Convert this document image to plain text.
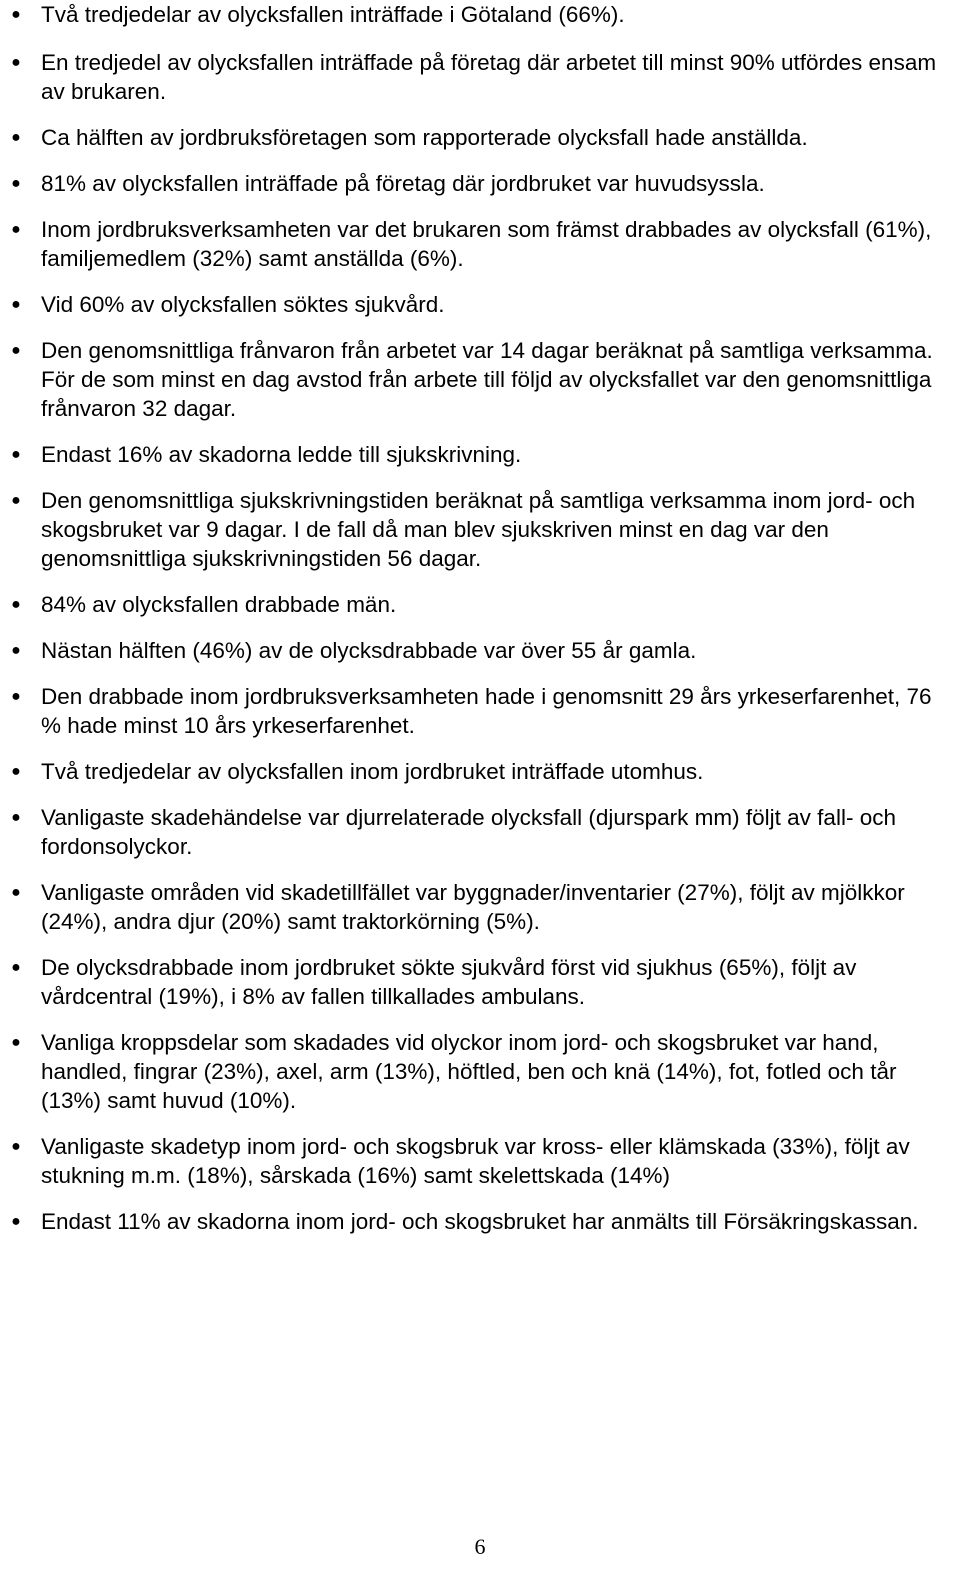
●
Två tredjedelar av olycksfallen inträffade i Götaland (66%).
●
En tredjedel av olycksfallen inträffade på företag där arbetet till minst 90% utfördes ensam av brukaren.
●
Ca hälften av jordbruksföretagen som rapporterade olycksfall hade anställda.
●
81% av olycksfallen inträffade på företag där jordbruket var huvudsyssla.
●
Inom jordbruksverksamheten var det brukaren som främst drabbades av olycksfall (61%), familjemedlem (32%) samt anställda (6%).
●
Vid 60% av olycksfallen söktes sjukvård.
●
Den genomsnittliga frånvaron från arbetet var 14 dagar beräknat på samtliga verksamma. För de som minst en dag avstod från arbete till följd av olycksfallet var den genomsnittliga frånvaron 32 dagar.
●
Endast 16% av skadorna ledde till sjukskrivning.
●
Den genomsnittliga sjukskrivningstiden beräknat på samtliga verksamma inom jord- och skogsbruket var 9 dagar. I de fall då man blev sjukskriven minst en dag var den genomsnittliga sjukskrivningstiden 56 dagar.
●
84% av olycksfallen drabbade män.
●
Nästan hälften (46%) av de olycksdrabbade var över 55 år gamla.
●
Den drabbade inom jordbruksverksamheten hade i genomsnitt 29 års yrkeserfarenhet, 76 % hade minst 10 års yrkeserfarenhet.
●
Två tredjedelar av olycksfallen inom jordbruket inträffade utomhus.
●
Vanligaste skadehändelse var djurrelaterade olycksfall (djurspark mm) följt av fall- och fordonsolyckor.
●
Vanligaste områden vid skadetillfället var byggnader/inventarier (27%), följt av mjölkkor (24%), andra djur (20%) samt traktorkörning (5%).
●
De olycksdrabbade inom jordbruket sökte sjukvård först vid sjukhus (65%), följt av vårdcentral (19%), i 8% av fallen tillkallades ambulans.
●
Vanliga kroppsdelar som skadades vid olyckor inom jord- och skogsbruket var hand, handled, fingrar (23%), axel, arm (13%), höftled, ben och knä (14%), fot, fotled och tår (13%) samt huvud (10%).
●
Vanligaste skadetyp inom jord- och skogsbruk var kross- eller klämskada (33%), följt av stukning m.m. (18%), sårskada (16%) samt skelettskada (14%)
●
Endast 11% av skadorna inom jord- och skogsbruket har anmälts till Försäkringskassan.
6
